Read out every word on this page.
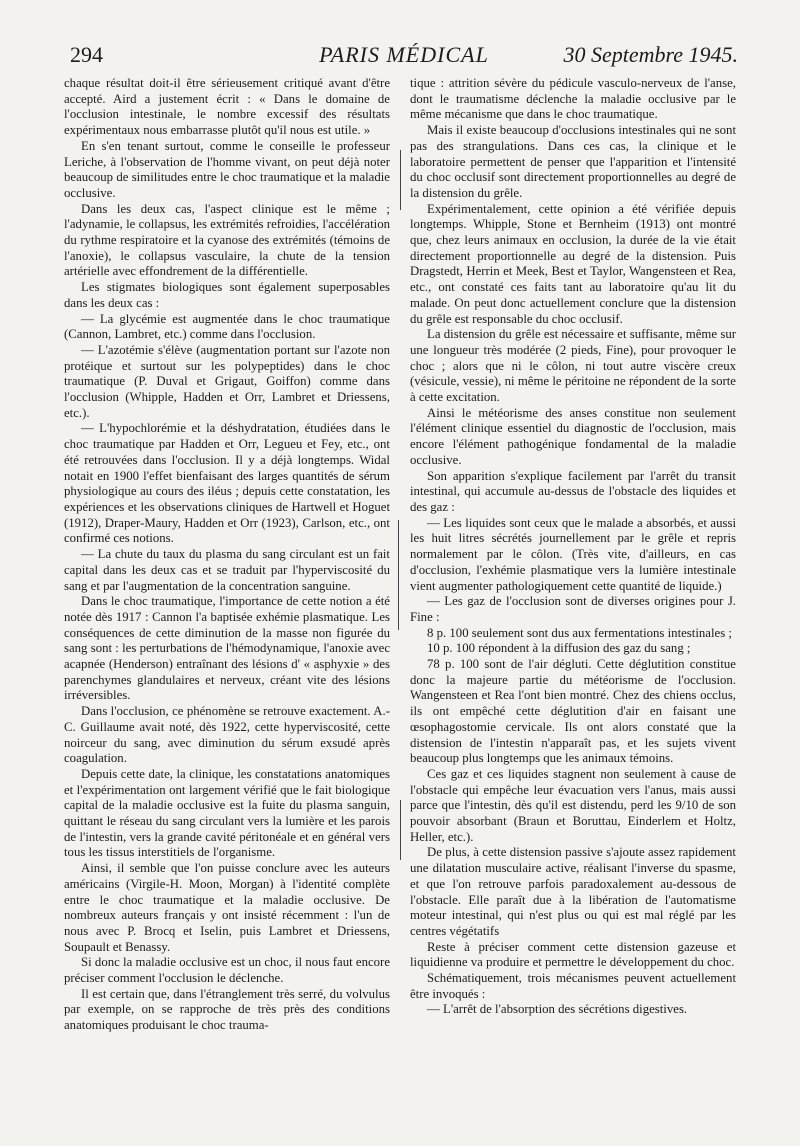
294	PARIS MÉDICAL	30 Septembre 1945.

chaque résultat doit-il être sérieusement critiqué avant d'être accepté. Aird a justement écrit : « Dans le domaine de l'occlusion intestinale, le nombre excessif des résultats expérimentaux nous embarrasse plutôt qu'il nous est utile. »

En s'en tenant surtout, comme le conseille le professeur Leriche, à l'observation de l'homme vivant, on peut déjà noter beaucoup de similitudes entre le choc traumatique et la maladie occlusive.

Dans les deux cas, l'aspect clinique est le même ; l'adynamie, le collapsus, les extrémités refroidies, l'accélération du rythme respiratoire et la cyanose des extrémités (témoins de l'anoxie), le collapsus vasculaire, la chute de la tension artérielle avec effondrement de la différentielle.

Les stigmates biologiques sont également superposables dans les deux cas :

— La glycémie est augmentée dans le choc traumatique (Cannon, Lambret, etc.) comme dans l'occlusion.

— L'azotémie s'élève (augmentation portant sur l'azote non protéique et surtout sur les polypeptides) dans le choc traumatique (P. Duval et Grigaut, Goiffon) comme dans l'occlusion (Whipple, Hadden et Orr, Lambret et Driessens, etc.).

— L'hypochlorémie et la déshydratation, étudiées dans le choc traumatique par Hadden et Orr, Legueu et Fey, etc., ont été retrouvées dans l'occlusion. Il y a déjà longtemps. Widal notait en 1900 l'effet bienfaisant des larges quantités de sérum physiologique au cours des iléus ; depuis cette constatation, les expériences et les observations cliniques de Hartwell et Hoguet (1912), Draper-Maury, Hadden et Orr (1923), Carlson, etc., ont confirmé ces notions.

— La chute du taux du plasma du sang circulant est un fait capital dans les deux cas et se traduit par l'hyperviscosité du sang et par l'augmentation de la concentration sanguine.

Dans le choc traumatique, l'importance de cette notion a été notée dès 1917 : Cannon l'a baptisée exhémie plasmatique. Les conséquences de cette diminution de la masse non figurée du sang sont : les perturbations de l'hémodynamique, l'anoxie avec acapnée (Henderson) entraînant des lésions d' « asphyxie » des parenchymes glandulaires et nerveux, créant vite des lésions irréversibles.

Dans l'occlusion, ce phénomène se retrouve exactement. A.-C. Guillaume avait noté, dès 1922, cette hyperviscosité, cette noirceur du sang, avec diminution du sérum exsudé après coagulation.

Depuis cette date, la clinique, les constatations anatomiques et l'expérimentation ont largement vérifié que le fait biologique capital de la maladie occlusive est la fuite du plasma sanguin, quittant le réseau du sang circulant vers la lumière et les parois de l'intestin, vers la grande cavité péritonéale et en général vers tous les tissus interstitiels de l'organisme.

Ainsi, il semble que l'on puisse conclure avec les auteurs américains (Virgile-H. Moon, Morgan) à l'identité complète entre le choc traumatique et la maladie occlusive. De nombreux auteurs français y ont insisté récemment : l'un de nous avec P. Brocq et Iselin, puis Lambret et Driessens, Soupault et Benassy.

Si donc la maladie occlusive est un choc, il nous faut encore préciser comment l'occlusion le déclenche.

Il est certain que, dans l'étranglement très serré, du volvulus par exemple, on se rapproche de très près des conditions anatomiques produisant le choc trauma-

tique : attrition sévère du pédicule vasculo-nerveux de l'anse, dont le traumatisme déclenche la maladie occlusive par le même mécanisme que dans le choc traumatique.

Mais il existe beaucoup d'occlusions intestinales qui ne sont pas des strangulations. Dans ces cas, la clinique et le laboratoire permettent de penser que l'apparition et l'intensité du choc occlusif sont directement proportionnelles au degré de la distension du grêle.

Expérimentalement, cette opinion a été vérifiée depuis longtemps. Whipple, Stone et Bernheim (1913) ont montré que, chez leurs animaux en occlusion, la durée de la vie était directement proportionnelle au degré de la distension. Puis Dragstedt, Herrin et Meek, Best et Taylor, Wangensteen et Rea, etc., ont constaté ces faits tant au laboratoire qu'au lit du malade. On peut donc actuellement conclure que la distension du grêle est responsable du choc occlusif.

La distension du grêle est nécessaire et suffisante, même sur une longueur très modérée (2 pieds, Fine), pour provoquer le choc ; alors que ni le côlon, ni tout autre viscère creux (vésicule, vessie), ni même le péritoine ne répondent de la sorte à cette excitation.

Ainsi le météorisme des anses constitue non seulement l'élément clinique essentiel du diagnostic de l'occlusion, mais encore l'élément pathogénique fondamental de la maladie occlusive.

Son apparition s'explique facilement par l'arrêt du transit intestinal, qui accumule au-dessus de l'obstacle des liquides et des gaz :

— Les liquides sont ceux que le malade a absorbés, et aussi les huit litres sécrétés journellement par le grêle et repris normalement par le côlon. (Très vite, d'ailleurs, en cas d'occlusion, l'exhémie plasmatique vers la lumière intestinale vient augmenter pathologiquement cette quantité de liquide.)

— Les gaz de l'occlusion sont de diverses origines pour J. Fine :

8 p. 100 seulement sont dus aux fermentations intestinales ;

10 p. 100 répondent à la diffusion des gaz du sang ;

78 p. 100 sont de l'air dégluti. Cette déglutition constitue donc la majeure partie du météorisme de l'occlusion. Wangensteen et Rea l'ont bien montré. Chez des chiens occlus, ils ont empêché cette déglutition d'air en faisant une œsophagostomie cervicale. Ils ont alors constaté que la distension de l'intestin n'apparaît pas, et les sujets vivent beaucoup plus longtemps que les animaux témoins.

Ces gaz et ces liquides stagnent non seulement à cause de l'obstacle qui empêche leur évacuation vers l'anus, mais aussi parce que l'intestin, dès qu'il est distendu, perd les 9/10 de son pouvoir absorbant (Braun et Boruttau, Einderlem et Holtz, Heller, etc.).

De plus, à cette distension passive s'ajoute assez rapidement une dilatation musculaire active, réalisant l'inverse du spasme, et que l'on retrouve parfois paradoxalement au-dessous de l'obstacle. Elle paraît due à la libération de l'automatisme moteur intestinal, qui n'est plus ou qui est mal réglé par les centres végétatifs

Reste à préciser comment cette distension gazeuse et liquidienne va produire et permettre le développement du choc.

Schématiquement, trois mécanismes peuvent actuellement être invoqués :

— L'arrêt de l'absorption des sécrétions digestives.
